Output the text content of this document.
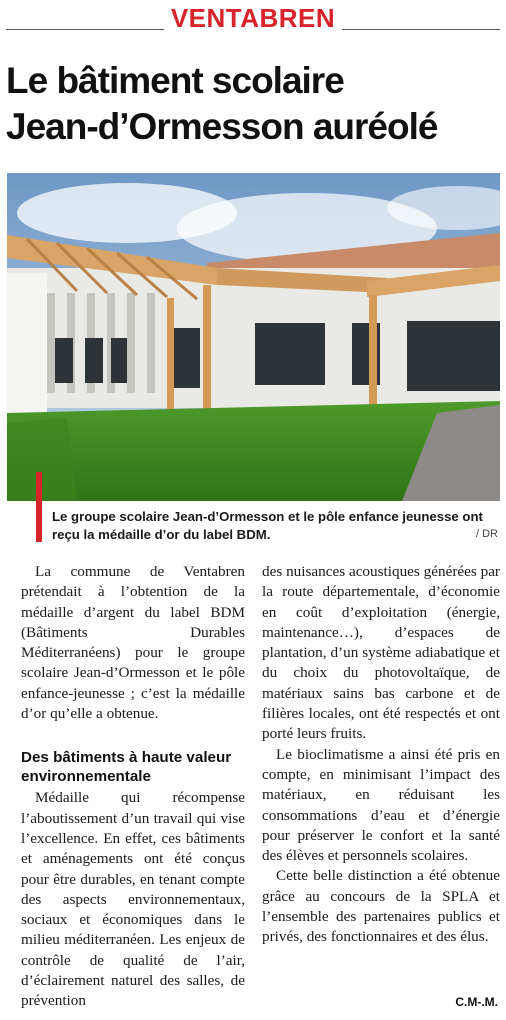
VENTABREN
Le bâtiment scolaire
Jean-d’Ormesson auréolé
Le groupe scolaire Jean-d’Ormesson et le pôle enfance jeunesse ont reçu la médaille d’or du label BDM.	/ DR

La commune de Ventabren prétendait à l’obtention de la médaille d’argent du label BDM (Bâtiments Durables Méditerranéens) pour le groupe scolaire Jean-d’Ormesson et le pôle enfance-jeunesse ; c’est la médaille d’or qu’elle a obtenue.

Des bâtiments à haute valeur environnementale

Médaille qui récompense l’aboutissement d’un travail qui vise l’excellence. En effet, ces bâtiments et aménagements ont été conçus pour être durables, en tenant compte des aspects environnementaux, sociaux et économiques dans le milieu méditerranéen. Les enjeux de contrôle de qualité de l’air, d’éclairement naturel des salles, de prévention

des nuisances acoustiques générées par la route départementale, d’économie en coût d’exploitation (énergie, maintenance…), d’espaces de plantation, d’un système adiabatique et du choix du photovoltaïque, de matériaux sains bas carbone et de filières locales, ont été respectés et ont porté leurs fruits.

Le bioclimatisme a ainsi été pris en compte, en minimisant l’impact des matériaux, en réduisant les consommations d’eau et d’énergie pour préserver le confort et la santé des élèves et personnels scolaires.

Cette belle distinction a été obtenue grâce au concours de la SPLA et l’ensemble des partenaires publics et privés, des fonctionnaires et des élus.

C.M-.M.
